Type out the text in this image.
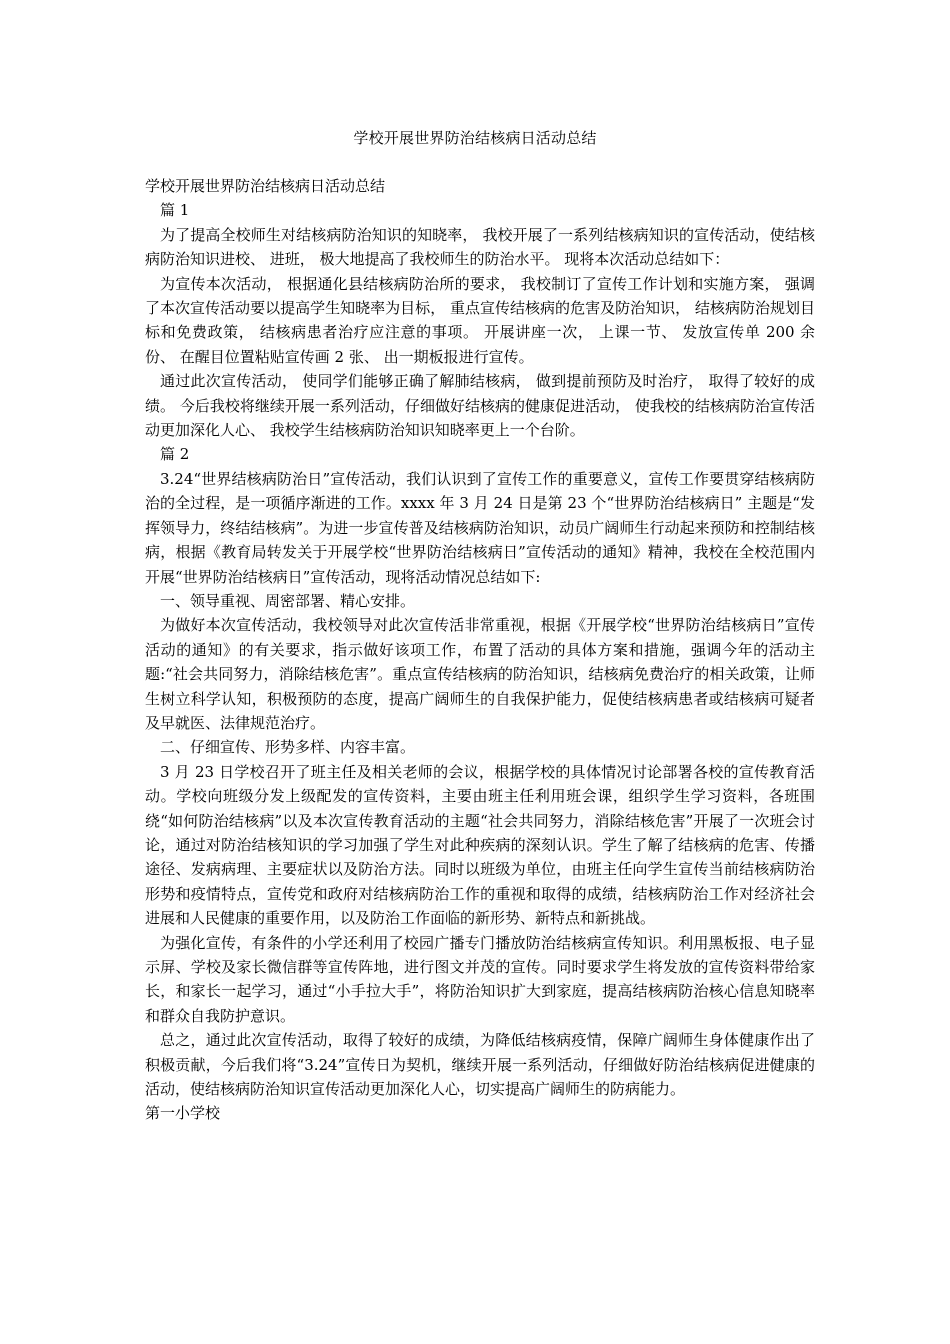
学校开展世界防治结核病日活动总结

学校开展世界防治结核病日活动总结

篇 1

为了提高全校师生对结核病防治知识的知晓率， 我校开展了一系列结核病知识的宣传活动，使结核病防治知识进校、 进班， 极大地提高了我校师生的防治水平。 现将本次活动总结如下：

为宣传本次活动， 根据通化县结核病防治所的要求， 我校制订了宣传工作计划和实施方案， 强调了本次宣传活动要以提高学生知晓率为目标， 重点宣传结核病的危害及防治知识， 结核病防治规划目标和免费政策， 结核病患者治疗应注意的事项。 开展讲座一次， 上课一节、 发放宣传单 200 余份、 在醒目位置粘贴宣传画 2 张、 出一期板报进行宣传。

通过此次宣传活动， 使同学们能够正确了解肺结核病， 做到提前预防及时治疗， 取得了较好的成绩。 今后我校将继续开展一系列活动，仔细做好结核病的健康促进活动， 使我校的结核病防治宣传活动更加深化人心、 我校学生结核病防治知识知晓率更上一个台阶。

篇 2

3.24“世界结核病防治日”宣传活动，我们认识到了宣传工作的重要意义，宣传工作要贯穿结核病防治的全过程，是一项循序渐进的工作。xxxx 年 3 月 24 日是第 23 个“世界防治结核病日” 主题是“发挥领导力，终结结核病”。为进一步宣传普及结核病防治知识，动员广阔师生行动起来预防和控制结核病，根据《教育局转发关于开展学校“世界防治结核病日”宣传活动的通知》精神，我校在全校范围内开展“世界防治结核病日”宣传活动，现将活动情况总结如下:

一、领导重视、周密部署、精心安排。

为做好本次宣传活动，我校领导对此次宣传活非常重视，根据《开展学校“世界防治结核病日”宣传活动的通知》的有关要求，指示做好该项工作，布置了活动的具体方案和措施，强调今年的活动主题:“社会共同努力，消除结核危害”。重点宣传结核病的防治知识，结核病免费治疗的相关政策，让师生树立科学认知，积极预防的态度，提高广阔师生的自我保护能力，促使结核病患者或结核病可疑者及早就医、法律规范治疗。

二、仔细宣传、形势多样、内容丰富。

3 月 23 日学校召开了班主任及相关老师的会议，根据学校的具体情况讨论部署各校的宣传教育活动。学校向班级分发上级配发的宣传资料，主要由班主任利用班会课，组织学生学习资料，各班围绕“如何防治结核病”以及本次宣传教育活动的主题“社会共同努力，消除结核危害”开展了一次班会讨论，通过对防治结核知识的学习加强了学生对此种疾病的深刻认识。学生了解了结核病的危害、传播途径、发病病理、主要症状以及防治方法。同时以班级为单位，由班主任向学生宣传当前结核病防治形势和疫情特点，宣传党和政府对结核病防治工作的重视和取得的成绩，结核病防治工作对经济社会进展和人民健康的重要作用，以及防治工作面临的新形势、新特点和新挑战。

为强化宣传，有条件的小学还利用了校园广播专门播放防治结核病宣传知识。利用黑板报、电子显示屏、学校及家长微信群等宣传阵地，进行图文并茂的宣传。同时要求学生将发放的宣传资料带给家长，和家长一起学习，通过“小手拉大手”，将防治知识扩大到家庭，提高结核病防治核心信息知晓率和群众自我防护意识。

总之，通过此次宣传活动，取得了较好的成绩，为降低结核病疫情，保障广阔师生身体健康作出了积极贡献，今后我们将“3.24”宣传日为契机，继续开展一系列活动，仔细做好防治结核病促进健康的活动，使结核病防治知识宣传活动更加深化人心，切实提高广阔师生的防病能力。

第一小学校
